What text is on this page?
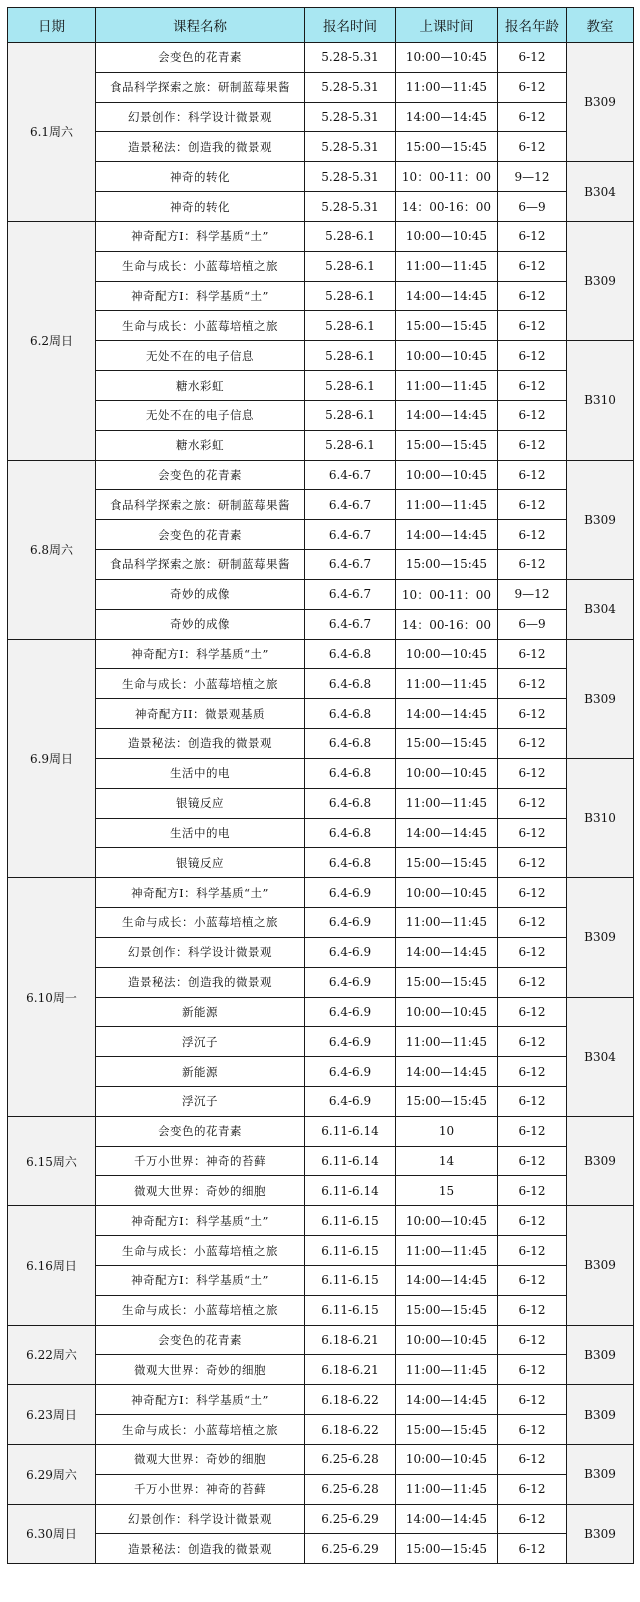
日期	课程名称	报名时间	上课时间	报名年龄	教室
6.1周六	会变色的花青素	5.28-5.31	10:00—10:45	6-12	B309
	食品科学探索之旅：研制蓝莓果酱	5.28-5.31	11:00—11:45	6-12	
	幻景创作：科学设计微景观	5.28-5.31	14:00—14:45	6-12	
	造景秘法：创造我的微景观	5.28-5.31	15:00—15:45	6-12	
	神奇的转化	5.28-5.31	10：00-11：00	9—12	B304
	神奇的转化	5.28-5.31	14：00-16：00	6—9	
6.2周日	神奇配方I：科学基质“土”	5.28-6.1	10:00—10:45	6-12	B309
	生命与成长：小蓝莓培植之旅	5.28-6.1	11:00—11:45	6-12	
	神奇配方I：科学基质“土”	5.28-6.1	14:00—14:45	6-12	
	生命与成长：小蓝莓培植之旅	5.28-6.1	15:00—15:45	6-12	
	无处不在的电子信息	5.28-6.1	10:00—10:45	6-12	B310
	糖水彩虹	5.28-6.1	11:00—11:45	6-12	
	无处不在的电子信息	5.28-6.1	14:00—14:45	6-12	
	糖水彩虹	5.28-6.1	15:00—15:45	6-12	
6.8周六	会变色的花青素	6.4-6.7	10:00—10:45	6-12	B309
	食品科学探索之旅：研制蓝莓果酱	6.4-6.7	11:00—11:45	6-12	
	会变色的花青素	6.4-6.7	14:00—14:45	6-12	
	食品科学探索之旅：研制蓝莓果酱	6.4-6.7	15:00—15:45	6-12	
	奇妙的成像	6.4-6.7	10：00-11：00	9—12	B304
	奇妙的成像	6.4-6.7	14：00-16：00	6—9	
6.9周日	神奇配方I：科学基质“土”	6.4-6.8	10:00—10:45	6-12	B309
	生命与成长：小蓝莓培植之旅	6.4-6.8	11:00—11:45	6-12	
	神奇配方II：微景观基质	6.4-6.8	14:00—14:45	6-12	
	造景秘法：创造我的微景观	6.4-6.8	15:00—15:45	6-12	
	生活中的电	6.4-6.8	10:00—10:45	6-12	B310
	银镜反应	6.4-6.8	11:00—11:45	6-12	
	生活中的电	6.4-6.8	14:00—14:45	6-12	
	银镜反应	6.4-6.8	15:00—15:45	6-12	
6.10周一	神奇配方I：科学基质“土”	6.4-6.9	10:00—10:45	6-12	B309
	生命与成长：小蓝莓培植之旅	6.4-6.9	11:00—11:45	6-12	
	幻景创作：科学设计微景观	6.4-6.9	14:00—14:45	6-12	
	造景秘法：创造我的微景观	6.4-6.9	15:00—15:45	6-12	
	新能源	6.4-6.9	10:00—10:45	6-12	B304
	浮沉子	6.4-6.9	11:00—11:45	6-12	
	新能源	6.4-6.9	14:00—14:45	6-12	
	浮沉子	6.4-6.9	15:00—15:45	6-12	
6.15周六	会变色的花青素	6.11-6.14	10	6-12	B309
	千万小世界：神奇的苔藓	6.11-6.14	14	6-12	
	微观大世界：奇妙的细胞	6.11-6.14	15	6-12	
6.16周日	神奇配方I：科学基质“土”	6.11-6.15	10:00—10:45	6-12	B309
	生命与成长：小蓝莓培植之旅	6.11-6.15	11:00—11:45	6-12	
	神奇配方I：科学基质“土”	6.11-6.15	14:00—14:45	6-12	
	生命与成长：小蓝莓培植之旅	6.11-6.15	15:00—15:45	6-12	
6.22周六	会变色的花青素	6.18-6.21	10:00—10:45	6-12	B309
	微观大世界：奇妙的细胞	6.18-6.21	11:00—11:45	6-12	
6.23周日	神奇配方I：科学基质“土”	6.18-6.22	14:00—14:45	6-12	B309
	生命与成长：小蓝莓培植之旅	6.18-6.22	15:00—15:45	6-12	
6.29周六	微观大世界：奇妙的细胞	6.25-6.28	10:00—10:45	6-12	B309
	千万小世界：神奇的苔藓	6.25-6.28	11:00—11:45	6-12	
6.30周日	幻景创作：科学设计微景观	6.25-6.29	14:00—14:45	6-12	B309
	造景秘法：创造我的微景观	6.25-6.29	15:00—15:45	6-12	
